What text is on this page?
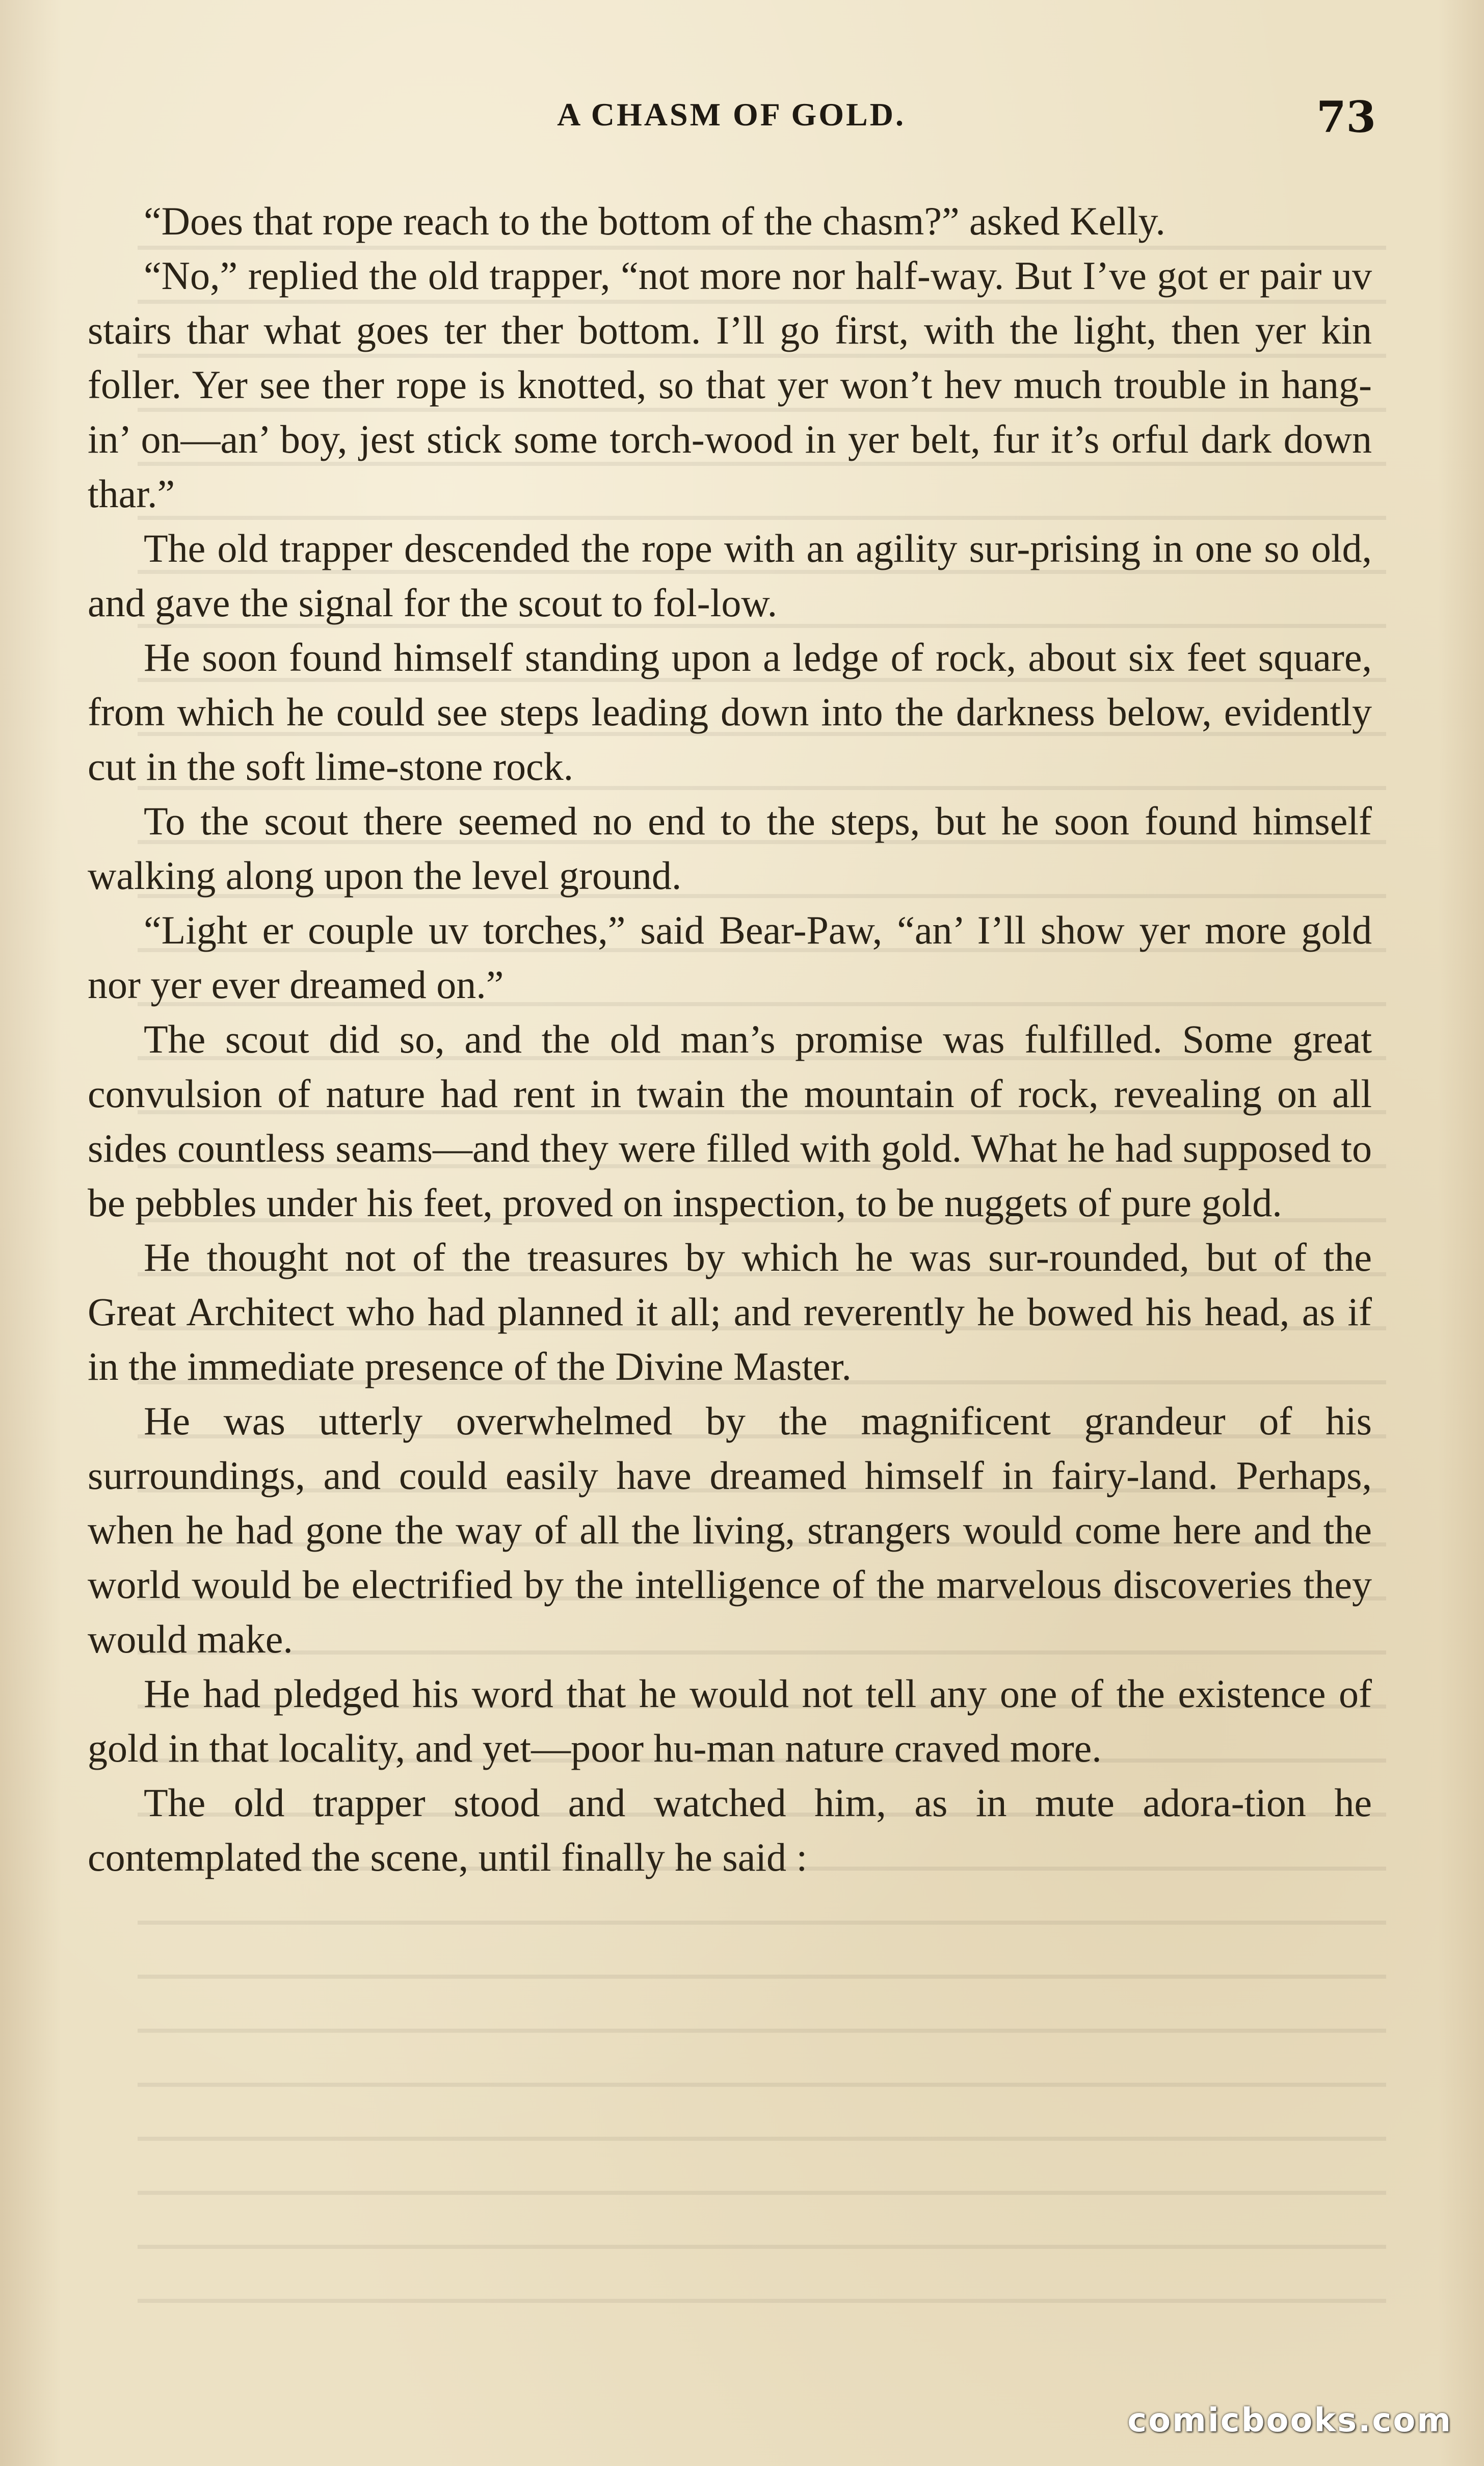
A CHASM OF GOLD.	73

“Does that rope reach to the bottom of the chasm?” asked Kelly.

“No,” replied the old trapper, “not more nor half-way. But I’ve got er pair uv stairs thar what goes ter ther bottom. I’ll go first, with the light, then yer kin foller. Yer see ther rope is knotted, so that yer won’t hev much trouble in hang-in’ on—an’ boy, jest stick some torch-wood in yer belt, fur it’s orful dark down thar.”

The old trapper descended the rope with an agility sur-prising in one so old, and gave the signal for the scout to fol-low.

He soon found himself standing upon a ledge of rock, about six feet square, from which he could see steps leading down into the darkness below, evidently cut in the soft lime-stone rock.

To the scout there seemed no end to the steps, but he soon found himself walking along upon the level ground.

“Light er couple uv torches,” said Bear-Paw, “an’ I’ll show yer more gold nor yer ever dreamed on.”

The scout did so, and the old man’s promise was fulfilled. Some great convulsion of nature had rent in twain the mountain of rock, revealing on all sides countless seams—and they were filled with gold. What he had supposed to be pebbles under his feet, proved on inspection, to be nuggets of pure gold.

He thought not of the treasures by which he was sur-rounded, but of the Great Architect who had planned it all; and reverently he bowed his head, as if in the immediate presence of the Divine Master.

He was utterly overwhelmed by the magnificent grandeur of his surroundings, and could easily have dreamed himself in fairy-land. Perhaps, when he had gone the way of all the living, strangers would come here and the world would be electrified by the intelligence of the marvelous discoveries they would make.

He had pledged his word that he would not tell any one of the existence of gold in that locality, and yet—poor hu-man nature craved more.

The old trapper stood and watched him, as in mute adora-tion he contemplated the scene, until finally he said :

comicbooks.com
